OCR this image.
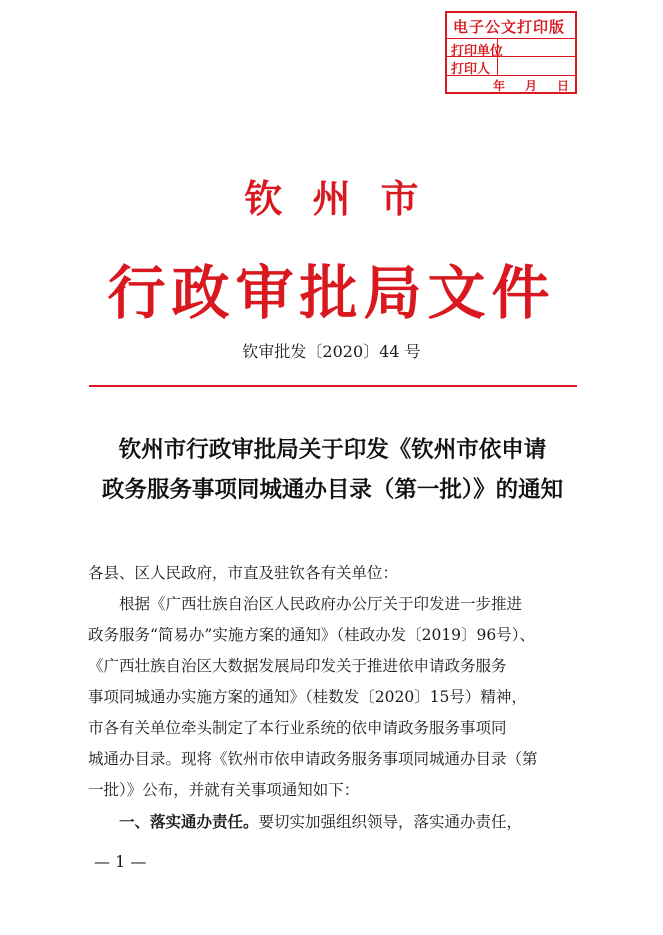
电子公文打印版
打印单位
打印人
年 月 日
钦州市
行政审批局文件
钦审批发〔2020〕44 号
钦州市行政审批局关于印发《钦州市依申请
政务服务事项同城通办目录（第一批）》的通知
各县、区人民政府，市直及驻钦各有关单位：
根据《广西壮族自治区人民政府办公厅关于印发进一步推进
政务服务“简易办”实施方案的通知》（桂政办发〔2019〕96号）、
《广西壮族自治区大数据发展局印发关于推进依申请政务服务
事项同城通办实施方案的通知》（桂数发〔2020〕15号）精神，
市各有关单位牵头制定了本行业系统的依申请政务服务事项同
城通办目录。现将《钦州市依申请政务服务事项同城通办目录（第
一批）》公布，并就有关事项通知如下：
一、落实通办责任。要切实加强组织领导，落实通办责任，
— 1 —
